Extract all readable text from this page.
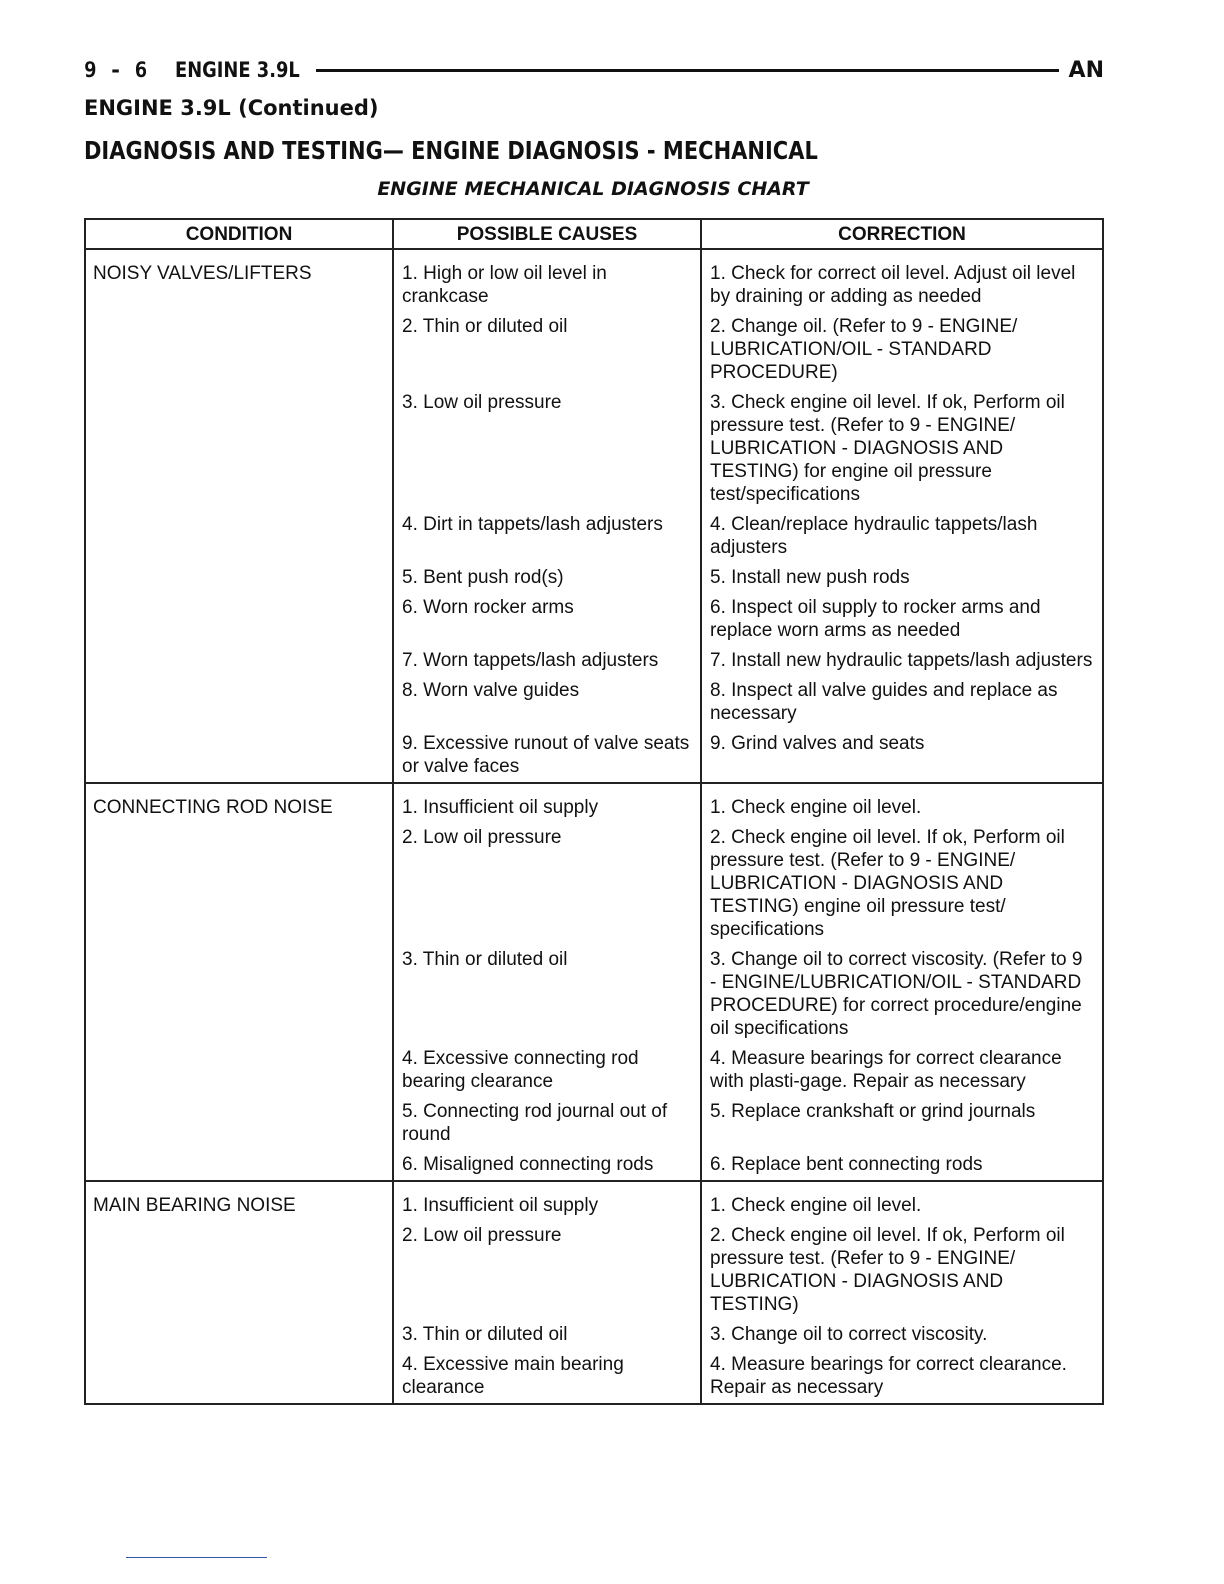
9 - 6 ENGINE 3.9L	AN
ENGINE 3.9L (Continued)
DIAGNOSIS AND TESTING— ENGINE DIAGNOSIS - MECHANICAL
ENGINE MECHANICAL DIAGNOSIS CHART
CONDITION	POSSIBLE CAUSES	CORRECTION
NOISY VALVES/LIFTERS	1. High or low oil level in crankcase	1. Check for correct oil level. Adjust oil level by draining or adding as needed
	2. Thin or diluted oil	2. Change oil. (Refer to 9 - ENGINE/ LUBRICATION/OIL - STANDARD PROCEDURE)
	3. Low oil pressure	3. Check engine oil level. If ok, Perform oil pressure test. (Refer to 9 - ENGINE/ LUBRICATION - DIAGNOSIS AND TESTING) for engine oil pressure test/specifications
	4. Dirt in tappets/lash adjusters	4. Clean/replace hydraulic tappets/lash adjusters
	5. Bent push rod(s)	5. Install new push rods
	6. Worn rocker arms	6. Inspect oil supply to rocker arms and replace worn arms as needed
	7. Worn tappets/lash adjusters	7. Install new hydraulic tappets/lash adjusters
	8. Worn valve guides	8. Inspect all valve guides and replace as necessary
	9. Excessive runout of valve seats or valve faces	9. Grind valves and seats
CONNECTING ROD NOISE	1. Insufficient oil supply	1. Check engine oil level.
	2. Low oil pressure	2. Check engine oil level. If ok, Perform oil pressure test. (Refer to 9 - ENGINE/ LUBRICATION - DIAGNOSIS AND TESTING) engine oil pressure test/ specifications
	3. Thin or diluted oil	3. Change oil to correct viscosity. (Refer to 9 - ENGINE/LUBRICATION/OIL - STANDARD PROCEDURE) for correct procedure/engine oil specifications
	4. Excessive connecting rod bearing clearance	4. Measure bearings for correct clearance with plasti-gage. Repair as necessary
	5. Connecting rod journal out of round	5. Replace crankshaft or grind journals
	6. Misaligned connecting rods	6. Replace bent connecting rods
MAIN BEARING NOISE	1. Insufficient oil supply	1. Check engine oil level.
	2. Low oil pressure	2. Check engine oil level. If ok, Perform oil pressure test. (Refer to 9 - ENGINE/ LUBRICATION - DIAGNOSIS AND TESTING)
	3. Thin or diluted oil	3. Change oil to correct viscosity.
	4. Excessive main bearing clearance	4. Measure bearings for correct clearance. Repair as necessary
